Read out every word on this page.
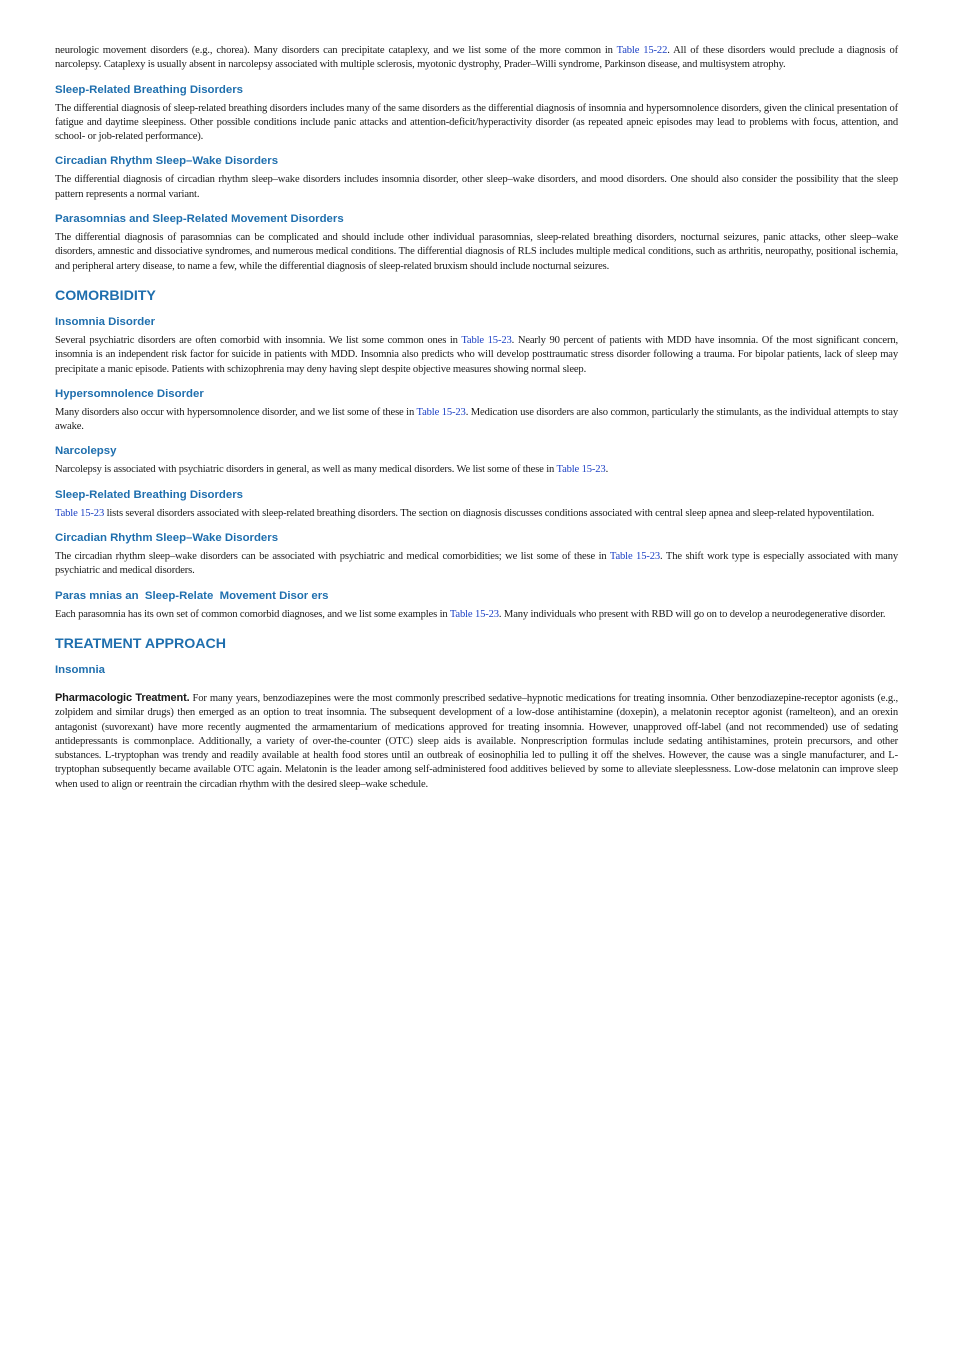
neurologic movement disorders (e.g., chorea). Many disorders can precipitate cataplexy, and we list some of the more common in Table 15-22. All of these disorders would preclude a diagnosis of narcolepsy. Cataplexy is usually absent in narcolepsy associated with multiple sclerosis, myotonic dystrophy, Prader–Willi syndrome, Parkinson disease, and multisystem atrophy.

Sleep-Related Breathing Disorders

The differential diagnosis of sleep-related breathing disorders includes many of the same disorders as the differential diagnosis of insomnia and hypersomnolence disorders, given the clinical presentation of fatigue and daytime sleepiness. Other possible conditions include panic attacks and attention-deficit/hyperactivity disorder (as repeated apneic episodes may lead to problems with focus, attention, and school- or job-related performance).

Circadian Rhythm Sleep–Wake Disorders

The differential diagnosis of circadian rhythm sleep–wake disorders includes insomnia disorder, other sleep–wake disorders, and mood disorders. One should also consider the possibility that the sleep pattern represents a normal variant.

Parasomnias and Sleep-Related Movement Disorders

The differential diagnosis of parasomnias can be complicated and should include other individual parasomnias, sleep-related breathing disorders, nocturnal seizures, panic attacks, other sleep–wake disorders, amnestic and dissociative syndromes, and numerous medical conditions. The differential diagnosis of RLS includes multiple medical conditions, such as arthritis, neuropathy, positional ischemia, and peripheral artery disease, to name a few, while the differential diagnosis of sleep-related bruxism should include nocturnal seizures.

COMORBIDITY
Insomnia Disorder

Several psychiatric disorders are often comorbid with insomnia. We list some common ones in Table 15-23. Nearly 90 percent of patients with MDD have insomnia. Of the most significant concern, insomnia is an independent risk factor for suicide in patients with MDD. Insomnia also predicts who will develop posttraumatic stress disorder following a trauma. For bipolar patients, lack of sleep may precipitate a manic episode. Patients with schizophrenia may deny having slept despite objective measures showing normal sleep.

Hypersomnolence Disorder

Many disorders also occur with hypersomnolence disorder, and we list some of these in Table 15-23. Medication use disorders are also common, particularly the stimulants, as the individual attempts to stay awake.

Narcolepsy

Narcolepsy is associated with psychiatric disorders in general, as well as many medical disorders. We list some of these in Table 15-23.

Sleep-Related Breathing Disorders

Table 15-23 lists several disorders associated with sleep-related breathing disorders. The section on diagnosis discusses conditions associated with central sleep apnea and sleep-related hypoventilation.

Circadian Rhythm Sleep–Wake Disorders

The circadian rhythm sleep–wake disorders can be associated with psychiatric and medical comorbidities; we list some of these in Table 15-23. The shift work type is especially associated with many psychiatric and medical disorders.

Paras mnias an  Sleep-Relate  Movement Disor ers

Each parasomnia has its own set of common comorbid diagnoses, and we list some examples in Table 15-23. Many individuals who present with RBD will go on to develop a neurodegenerative disorder.

TREATMENT APPROACH
Insomnia

Pharmacologic Treatment. For many years, benzodiazepines were the most commonly prescribed sedative–hypnotic medications for treating insomnia. Other benzodiazepine-receptor agonists (e.g., zolpidem and similar drugs) then emerged as an option to treat insomnia. The subsequent development of a low-dose antihistamine (doxepin), a melatonin receptor agonist (ramelteon), and an orexin antagonist (suvorexant) have more recently augmented the armamentarium of medications approved for treating insomnia. However, unapproved off-label (and not recommended) use of sedating antidepressants is commonplace. Additionally, a variety of over-the-counter (OTC) sleep aids is available. Nonprescription formulas include sedating antihistamines, protein precursors, and other substances. L-tryptophan was trendy and readily available at health food stores until an outbreak of eosinophilia led to pulling it off the shelves. However, the cause was a single manufacturer, and L-tryptophan subsequently became available OTC again. Melatonin is the leader among self-administered food additives believed by some to alleviate sleeplessness. Low-dose melatonin can improve sleep when used to align or reentrain the circadian rhythm with the desired sleep–wake schedule.
